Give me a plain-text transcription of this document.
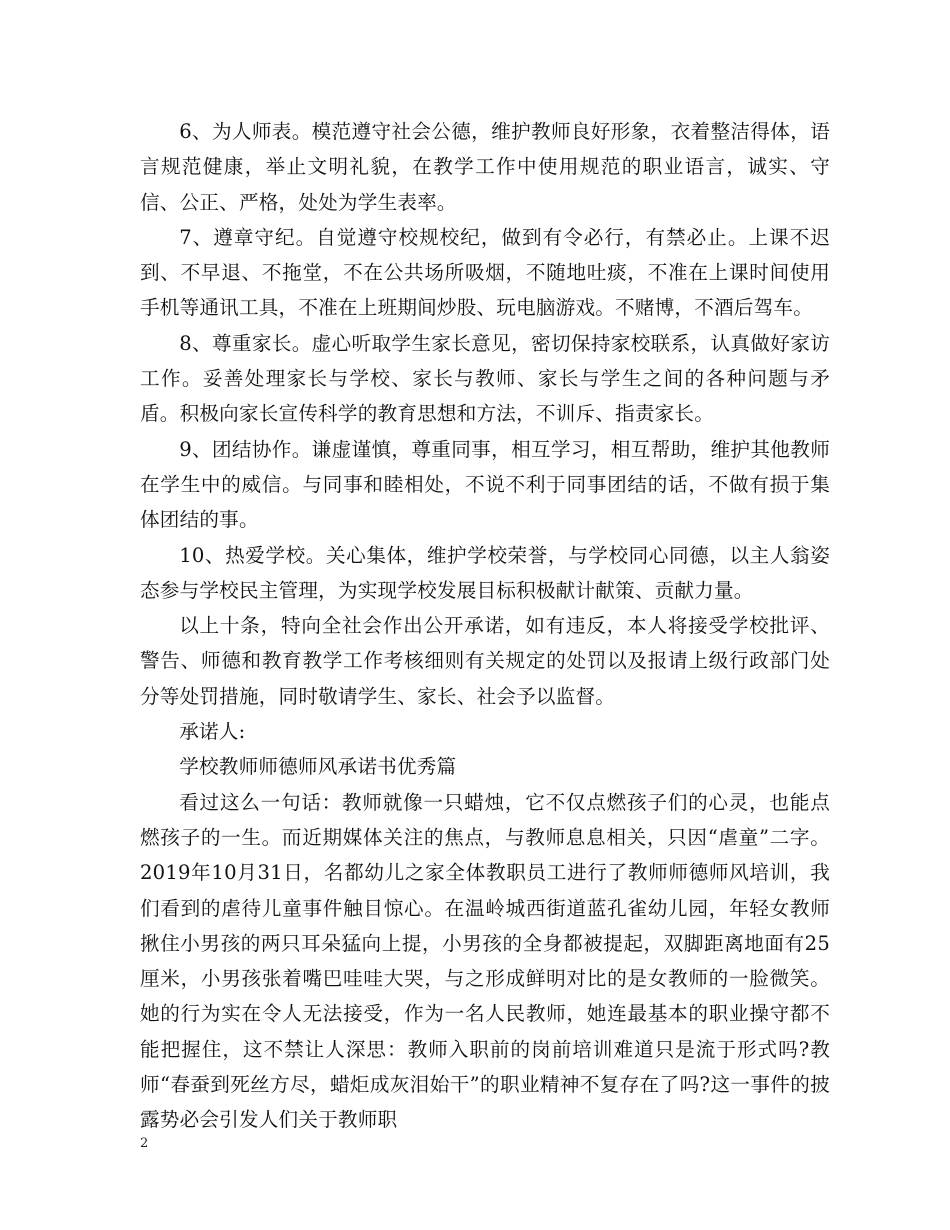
6、为人师表。模范遵守社会公德，维护教师良好形象，衣着整洁得体，语言规范健康，举止文明礼貌，在教学工作中使用规范的职业语言，诚实、守信、公正、严格，处处为学生表率。

7、遵章守纪。自觉遵守校规校纪，做到有令必行，有禁必止。上课不迟到、不早退、不拖堂，不在公共场所吸烟，不随地吐痰，不准在上课时间使用手机等通讯工具，不准在上班期间炒股、玩电脑游戏。不赌博，不酒后驾车。

8、尊重家长。虚心听取学生家长意见，密切保持家校联系，认真做好家访工作。妥善处理家长与学校、家长与教师、家长与学生之间的各种问题与矛盾。积极向家长宣传科学的教育思想和方法，不训斥、指责家长。

9、团结协作。谦虚谨慎，尊重同事，相互学习，相互帮助，维护其他教师在学生中的威信。与同事和睦相处，不说不利于同事团结的话，不做有损于集体团结的事。

10、热爱学校。关心集体，维护学校荣誉，与学校同心同德，以主人翁姿态参与学校民主管理，为实现学校发展目标积极献计献策、贡献力量。

以上十条，特向全社会作出公开承诺，如有违反，本人将接受学校批评、警告、师德和教育教学工作考核细则有关规定的处罚以及报请上级行政部门处分等处罚措施，同时敬请学生、家长、社会予以监督。

承诺人:

学校教师师德师风承诺书优秀篇

看过这么一句话：教师就像一只蜡烛，它不仅点燃孩子们的心灵，也能点燃孩子的一生。而近期媒体关注的焦点，与教师息息相关，只因“虐童”二字。 2019年10月31日，名都幼儿之家全体教职员工进行了教师师德师风培训，我们看到的虐待儿童事件触目惊心。在温岭城西街道蓝孔雀幼儿园，年轻女教师揪住小男孩的两只耳朵猛向上提，小男孩的全身都被提起，双脚距离地面有25厘米，小男孩张着嘴巴哇哇大哭，与之形成鲜明对比的是女教师的一脸微笑。她的行为实在令人无法接受，作为一名人民教师，她连最基本的职业操守都不能把握住，这不禁让人深思：教师入职前的岗前培训难道只是流于形式吗?教师“春蚕到死丝方尽，蜡炬成灰泪始干”的职业精神不复存在了吗?这一事件的披露势必会引发人们关于教师职

2
